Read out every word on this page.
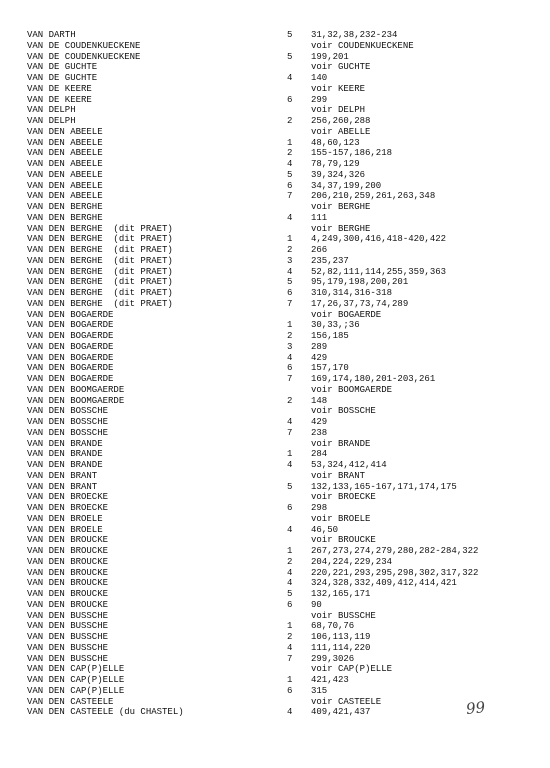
VAN DARTH	5 31,32,38,232-234
VAN DE COUDENKUECKENE	voir COUDENKUECKENE
VAN DE COUDENKUECKENE	5 199,201
VAN DE GUCHTE	voir GUCHTE
VAN DE GUCHTE	4 140
VAN DE KEERE	voir KEERE
VAN DE KEERE	6 299
VAN DELPH	voir DELPH
VAN DELPH	2 256,260,288
VAN DEN ABEELE	voir ABELLE
VAN DEN ABEELE	1 48,60,123
VAN DEN ABEELE	2 155-157,186,218
VAN DEN ABEELE	4 78,79,129
VAN DEN ABEELE	5 39,324,326
VAN DEN ABEELE	6 34,37,199,200
VAN DEN ABEELE	7 206,210,259,261,263,348
VAN DEN BERGHE	voir BERGHE
VAN DEN BERGHE	4 111
VAN DEN BERGHE  (dit PRAET)	voir BERGHE
VAN DEN BERGHE  (dit PRAET)	1 4,249,300,416,418-420,422
VAN DEN BERGHE  (dit PRAET)	2 266
VAN DEN BERGHE  (dit PRAET)	3 235,237
VAN DEN BERGHE  (dit PRAET)	4 52,82,111,114,255,359,363
VAN DEN BERGHE  (dit PRAET)	5 95,179,198,200,201
VAN DEN BERGHE  (dit PRAET)	6 310,314,316-318
VAN DEN BERGHE  (dit PRAET)	7 17,26,37,73,74,289
VAN DEN BOGAERDE	voir BOGAERDE
VAN DEN BOGAERDE	1 30,33,;36
VAN DEN BOGAERDE	2 156,185
VAN DEN BOGAERDE	3 289
VAN DEN BOGAERDE	4 429
VAN DEN BOGAERDE	6 157,170
VAN DEN BOGAERDE	7 169,174,180,201-203,261
VAN DEN BOOMGAERDE	voir BOOMGAERDE
VAN DEN BOOMGAERDE	2 148
VAN DEN BOSSCHE	voir BOSSCHE
VAN DEN BOSSCHE	4 429
VAN DEN BOSSCHE	7 238
VAN DEN BRANDE	voir BRANDE
VAN DEN BRANDE	1 284
VAN DEN BRANDE	4 53,324,412,414
VAN DEN BRANT	voir BRANT
VAN DEN BRANT	5 132,133,165-167,171,174,175
VAN DEN BROECKE	voir BROECKE
VAN DEN BROECKE	6 298
VAN DEN BROELE	voir BROELE
VAN DEN BROELE	4 46,50
VAN DEN BROUCKE	voir BROUCKE
VAN DEN BROUCKE	1 267,273,274,279,280,282-284,322
VAN DEN BROUCKE	2 204,224,229,234
VAN DEN BROUCKE	4 220,221,293,295,298,302,317,322
VAN DEN BROUCKE	4 324,328,332,409,412,414,421
VAN DEN BROUCKE	5 132,165,171
VAN DEN BROUCKE	6 90
VAN DEN BUSSCHE	voir BUSSCHE
VAN DEN BUSSCHE	1 68,70,76
VAN DEN BUSSCHE	2 106,113,119
VAN DEN BUSSCHE	4 111,114,220
VAN DEN BUSSCHE	7 299,3026
VAN DEN CAP(P)ELLE	voir CAP(P)ELLE
VAN DEN CAP(P)ELLE	1 421,423
VAN DEN CAP(P)ELLE	6 315
VAN DEN CASTEELE	voir CASTEELE
VAN DEN CASTEELE (du CHASTEL)	4 409,421,437	99
